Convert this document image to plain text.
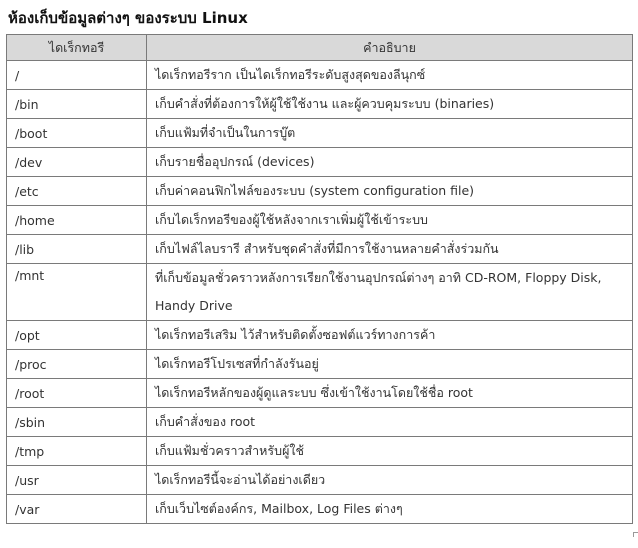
ห้องเก็บข้อมูลต่างๆ ของระบบ Linux
ไดเร็กทอรี	คำอธิบาย
/	ไดเร็กทอรีราก เป็นไดเร็กทอรีระดับสูงสุดของลีนุกซ์
/bin	เก็บคำสั่งที่ต้องการให้ผู้ใช้ใช้งาน และผู้ควบคุมระบบ (binaries)
/boot	เก็บแฟ้มที่จำเป็นในการบู๊ต
/dev	เก็บรายชื่ออุปกรณ์ (devices)
/etc	เก็บค่าคอนฟิกไฟล์ของระบบ (system configuration file)
/home	เก็บไดเร็กทอรีของผู้ใช้หลังจากเราเพิ่มผู้ใช้เข้าระบบ
/lib	เก็บไฟล์ไลบรารี สำหรับชุดคำสั่งที่มีการใช้งานหลายคำสั่งร่วมกัน
/mnt	ที่เก็บข้อมูลชั่วคราวหลังการเรียกใช้งานอุปกรณ์ต่างๆ อาทิ CD-ROM, Floppy Disk, Handy Drive
/opt	ไดเร็กทอรีเสริม ไว้สำหรับติดตั้งซอฟต์แวร์ทางการค้า
/proc	ไดเร็กทอรีโปรเซสที่กำลังรันอยู่
/root	ไดเร็กทอรีหลักของผู้ดูแลระบบ ซึ่งเข้าใช้งานโดยใช้ชื่อ root
/sbin	เก็บคำสั่งของ root
/tmp	เก็บแฟ้มชั่วคราวสำหรับผู้ใช้
/usr	ไดเร็กทอรีนี้จะอ่านได้อย่างเดียว
/var	เก็บเว็บไซต์องค์กร, Mailbox, Log Files ต่างๆ
